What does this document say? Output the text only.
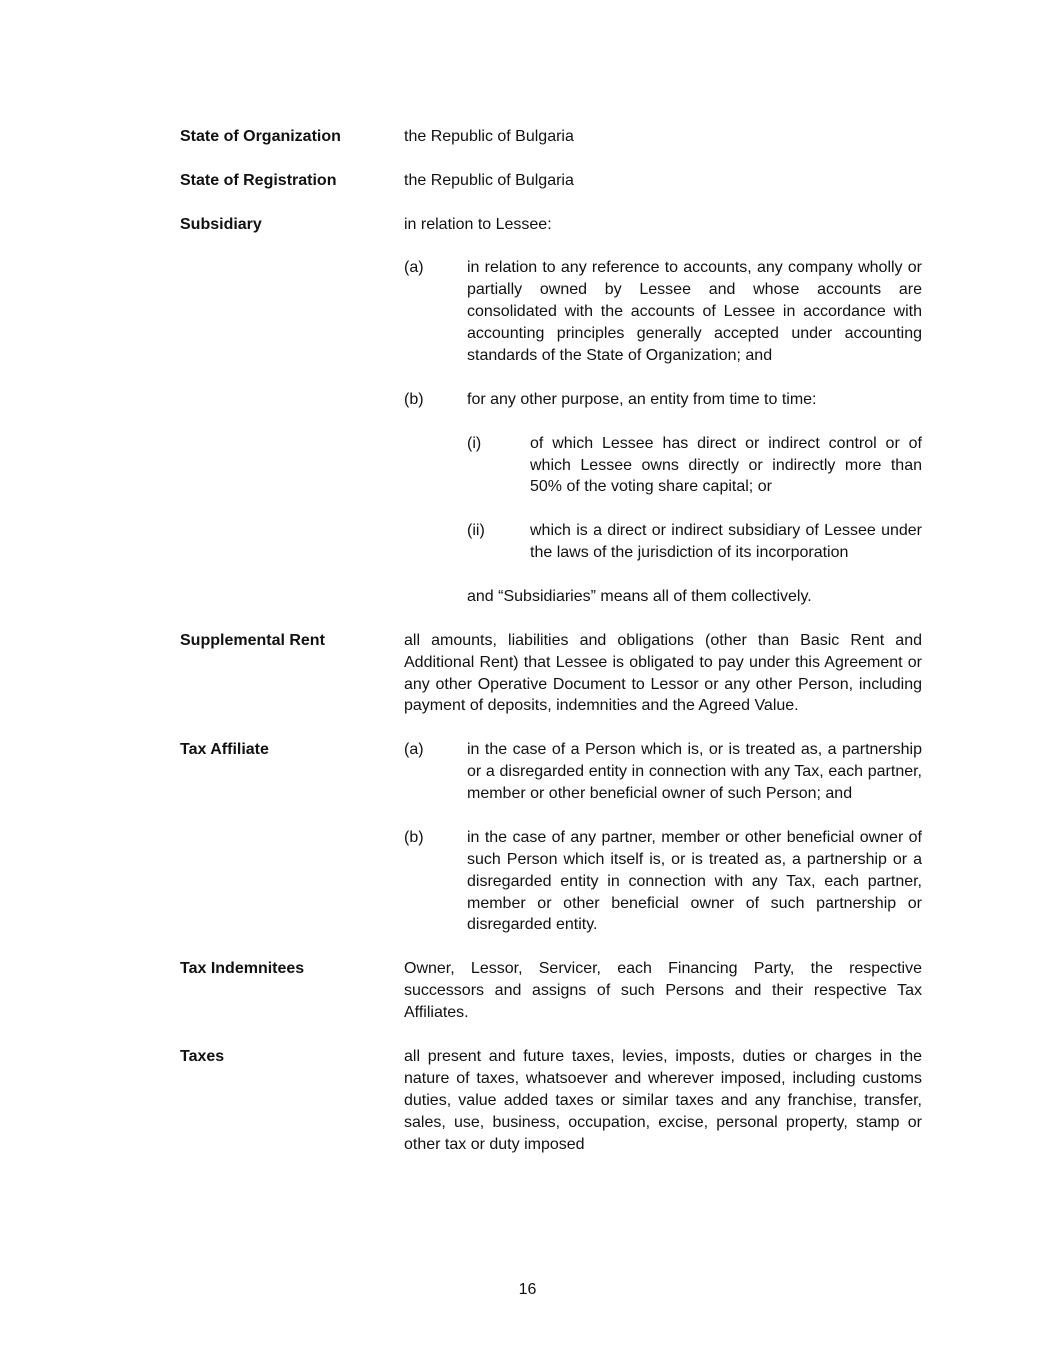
State of Organization	the Republic of Bulgaria

State of Registration	the Republic of Bulgaria

Subsidiary	in relation to Lessee:

(a)	in relation to any reference to accounts, any company wholly or partially owned by Lessee and whose accounts are consolidated with the accounts of Lessee in accordance with accounting principles generally accepted under accounting standards of the State of Organization; and

(b)	for any other purpose, an entity from time to time:

(i)	of which Lessee has direct or indirect control or of which Lessee owns directly or indirectly more than 50% of the voting share capital; or

(ii)	which is a direct or indirect subsidiary of Lessee under the laws of the jurisdiction of its incorporation

and “Subsidiaries” means all of them collectively.

Supplemental Rent	all amounts, liabilities and obligations (other than Basic Rent and Additional Rent) that Lessee is obligated to pay under this Agreement or any other Operative Document to Lessor or any other Person, including payment of deposits, indemnities and the Agreed Value.

Tax Affiliate	(a)	in the case of a Person which is, or is treated as, a partnership or a disregarded entity in connection with any Tax, each partner, member or other beneficial owner of such Person; and

(b)	in the case of any partner, member or other beneficial owner of such Person which itself is, or is treated as, a partnership or a disregarded entity in connection with any Tax, each partner, member or other beneficial owner of such partnership or disregarded entity.

Tax Indemnitees	Owner, Lessor, Servicer, each Financing Party, the respective successors and assigns of such Persons and their respective Tax Affiliates.

Taxes	all present and future taxes, levies, imposts, duties or charges in the nature of taxes, whatsoever and wherever imposed, including customs duties, value added taxes or similar taxes and any franchise, transfer, sales, use, business, occupation, excise, personal property, stamp or other tax or duty imposed

16
